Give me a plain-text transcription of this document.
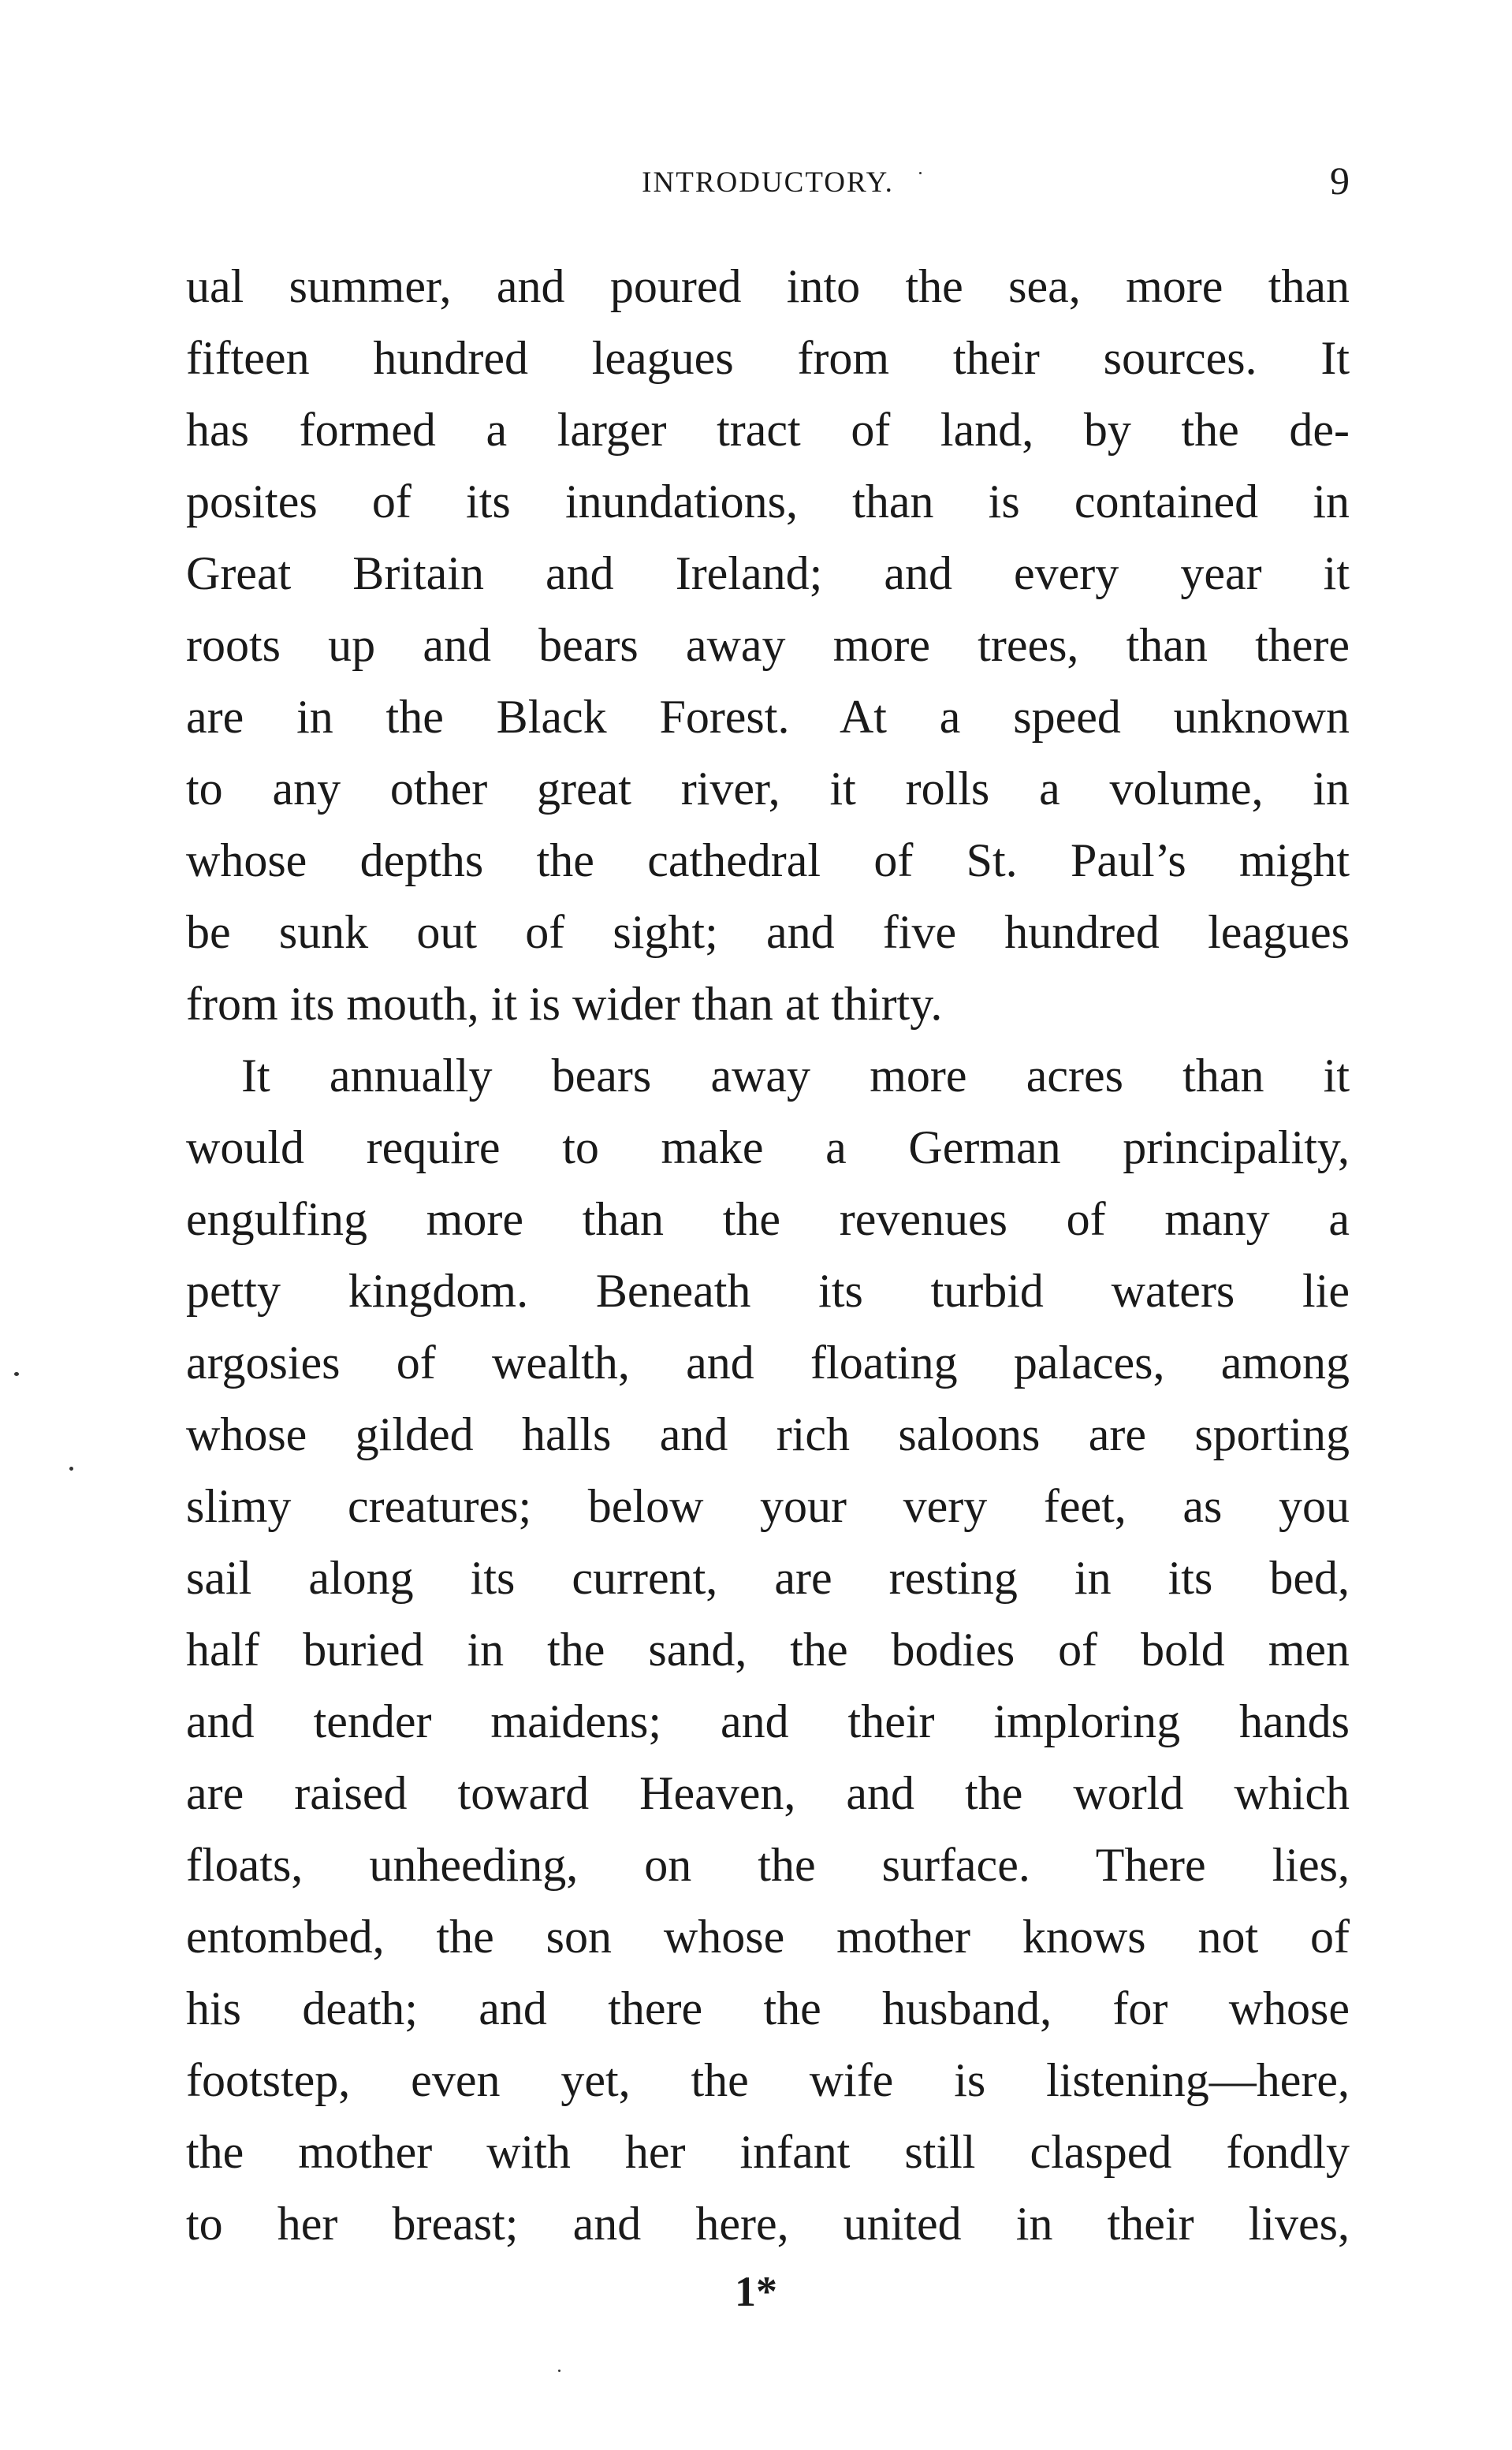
INTRODUCTORY.	9
ual summer, and poured into the sea, more than
fifteen hundred leagues from their sources. It
has formed a larger tract of land, by the de-
posites of its inundations, than is contained in
Great Britain and Ireland; and every year it
roots up and bears away more trees, than there
are in the Black Forest. At a speed unknown
to any other great river, it rolls a volume, in
whose depths the cathedral of St. Paul’s might
be sunk out of sight; and five hundred leagues
from its mouth, it is wider than at thirty.
It annually bears away more acres than it
would require to make a German principality,
engulfing more than the revenues of many a
petty kingdom. Beneath its turbid waters lie
argosies of wealth, and floating palaces, among
whose gilded halls and rich saloons are sporting
slimy creatures; below your very feet, as you
sail along its current, are resting in its bed,
half buried in the sand, the bodies of bold men
and tender maidens; and their imploring hands
are raised toward Heaven, and the world which
floats, unheeding, on the surface. There lies,
entombed, the son whose mother knows not of
his death; and there the husband, for whose
footstep, even yet, the wife is listening—here,
the mother with her infant still clasped fondly
to her breast; and here, united in their lives,
1*
